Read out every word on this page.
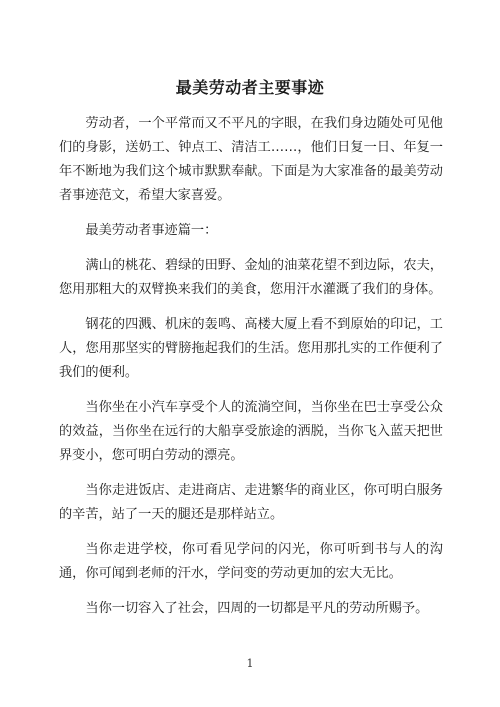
最美劳动者主要事迹

劳动者，一个平常而又不平凡的字眼，在我们身边随处可见他们的身影，送奶工、钟点工、清洁工……，他们日复一日、年复一年不断地为我们这个城市默默奉献。下面是为大家准备的最美劳动者事迹范文，希望大家喜爱。

最美劳动者事迹篇一：

满山的桃花、碧绿的田野、金灿的油菜花望不到边际，农夫，您用那粗大的双臂换来我们的美食，您用汗水灌溉了我们的身体。

钢花的四溅、机床的轰鸣、高楼大厦上看不到原始的印记，工人，您用那坚实的臂膀拖起我们的生活。您用那扎实的工作便利了我们的便利。

当你坐在小汽车享受个人的流淌空间，当你坐在巴士享受公众的效益，当你坐在远行的大船享受旅途的洒脱，当你飞入蓝天把世界变小，您可明白劳动的漂亮。

当你走进饭店、走进商店、走进繁华的商业区，你可明白服务的辛苦，站了一天的腿还是那样站立。

当你走进学校，你可看见学问的闪光，你可听到书与人的沟通，你可闻到老师的汗水，学问变的劳动更加的宏大无比。

当你一切容入了社会，四周的一切都是平凡的劳动所赐予。

1
